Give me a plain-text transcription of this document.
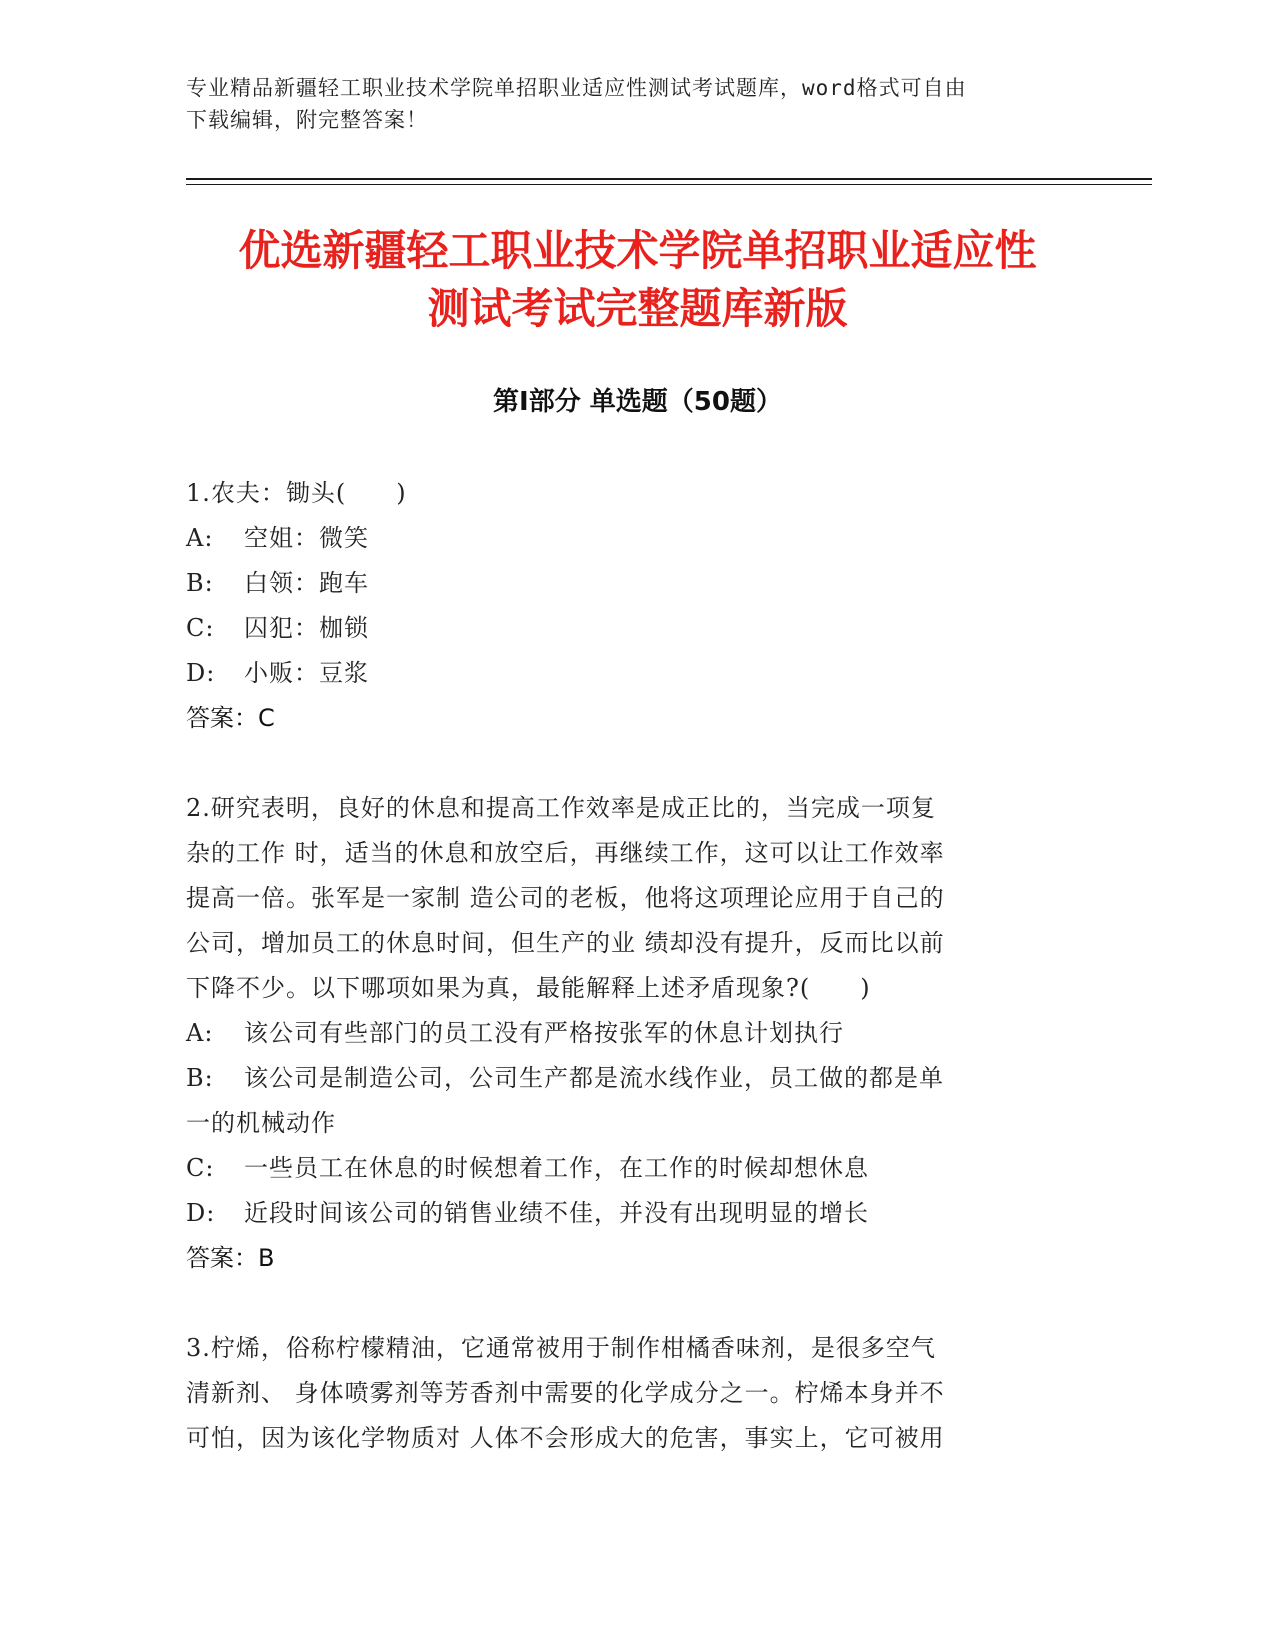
专业精品新疆轻工职业技术学院单招职业适应性测试考试题库，word格式可自由
下载编辑，附完整答案！
优选新疆轻工职业技术学院单招职业适应性
测试考试完整题库新版
第Ⅰ部分 单选题（50题）
1.农夫：锄头(　　)
A: 空姐：微笑
B: 白领：跑车
C: 囚犯：枷锁
D: 小贩：豆浆
答案：C
2.研究表明，良好的休息和提高工作效率是成正比的，当完成一项复
杂的工作 时，适当的休息和放空后，再继续工作，这可以让工作效率
提高一倍。张军是一家制 造公司的老板，他将这项理论应用于自己的
公司，增加员工的休息时间，但生产的业 绩却没有提升，反而比以前
下降不少。以下哪项如果为真，最能解释上述矛盾现象?(　　)
A: 该公司有些部门的员工没有严格按张军的休息计划执行
B: 该公司是制造公司，公司生产都是流水线作业，员工做的都是单
一的机械动作
C: 一些员工在休息的时候想着工作，在工作的时候却想休息
D: 近段时间该公司的销售业绩不佳，并没有出现明显的增长
答案：B
3.柠烯，俗称柠檬精油，它通常被用于制作柑橘香味剂，是很多空气
清新剂、 身体喷雾剂等芳香剂中需要的化学成分之一。柠烯本身并不
可怕，因为该化学物质对 人体不会形成大的危害，事实上，它可被用
